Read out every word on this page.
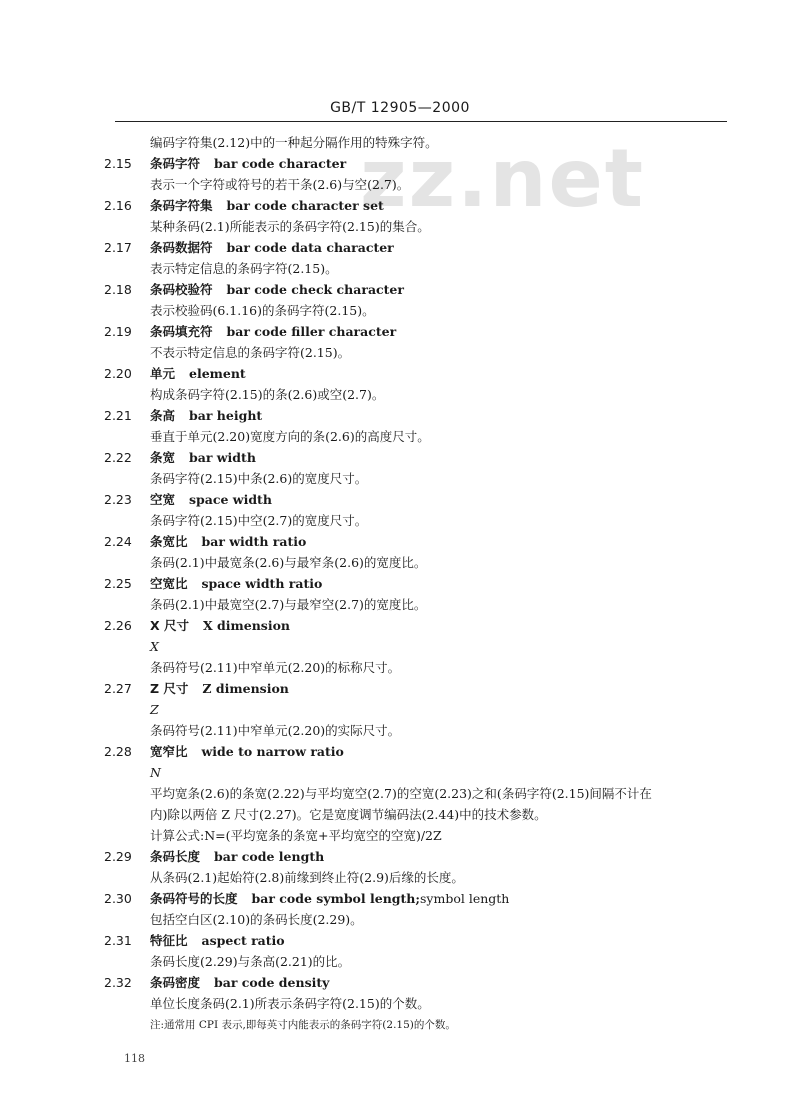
zz.net
GB/T 12905—2000
编码字符集(2.12)中的一种起分隔作用的特殊字符。
2.15 条码字符 bar code character
表示一个字符或符号的若干条(2.6)与空(2.7)。
2.16 条码字符集 bar code character set
某种条码(2.1)所能表示的条码字符(2.15)的集合。
2.17 条码数据符 bar code data character
表示特定信息的条码字符(2.15)。
2.18 条码校验符 bar code check character
表示校验码(6.1.16)的条码字符(2.15)。
2.19 条码填充符 bar code filler character
不表示特定信息的条码字符(2.15)。
2.20 单元 element
构成条码字符(2.15)的条(2.6)或空(2.7)。
2.21 条高 bar height
垂直于单元(2.20)宽度方向的条(2.6)的高度尺寸。
2.22 条宽 bar width
条码字符(2.15)中条(2.6)的宽度尺寸。
2.23 空宽 space width
条码字符(2.15)中空(2.7)的宽度尺寸。
2.24 条宽比 bar width ratio
条码(2.1)中最宽条(2.6)与最窄条(2.6)的宽度比。
2.25 空宽比 space width ratio
条码(2.1)中最宽空(2.7)与最窄空(2.7)的宽度比。
2.26 X 尺寸 X dimension
X
条码符号(2.11)中窄单元(2.20)的标称尺寸。
2.27 Z 尺寸 Z dimension
Z
条码符号(2.11)中窄单元(2.20)的实际尺寸。
2.28 宽窄比 wide to narrow ratio
N
平均宽条(2.6)的条宽(2.22)与平均宽空(2.7)的空宽(2.23)之和(条码字符(2.15)间隔不计在
内)除以两倍 Z 尺寸(2.27)。它是宽度调节编码法(2.44)中的技术参数。
计算公式:N=(平均宽条的条宽+平均宽空的空宽)/2Z
2.29 条码长度 bar code length
从条码(2.1)起始符(2.8)前缘到终止符(2.9)后缘的长度。
2.30 条码符号的长度 bar code symbol length;symbol length
包括空白区(2.10)的条码长度(2.29)。
2.31 特征比 aspect ratio
条码长度(2.29)与条高(2.21)的比。
2.32 条码密度 bar code density
单位长度条码(2.1)所表示条码字符(2.15)的个数。
注:通常用 CPI 表示,即每英寸内能表示的条码字符(2.15)的个数。
118
